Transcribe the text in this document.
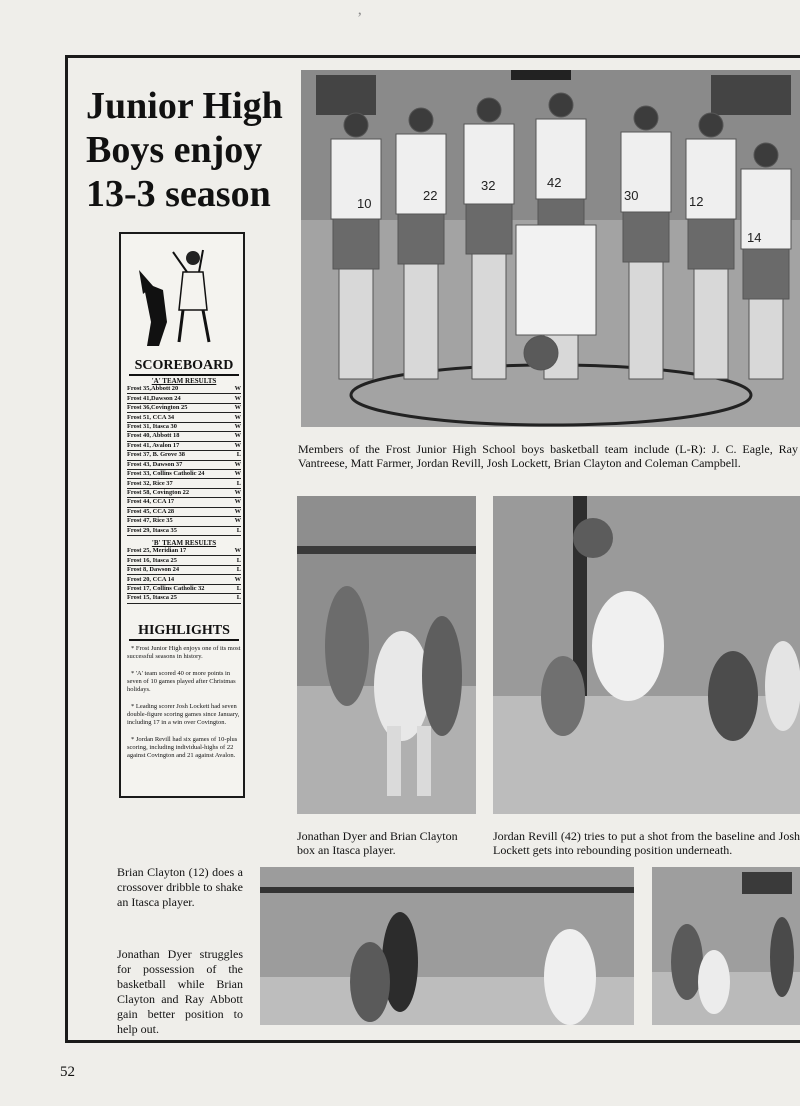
ʼ
Junior High
Boys enjoy
13-3 season	10
22
32	42
30	12
14

Members of the Frost Junior High School boys basketball team include (L-R): J. C. Eagle, Ray Vantreese, Matt Farmer, Jordan Revill, Josh Lockett, Brian Clayton and Coleman Campbell.

Jonathan Dyer and Brian Clayton box an Itasca player.

Jordan Revill (42) tries to put a shot from the baseline and Josh Lockett gets into rebounding position underneath.

Brian Clayton (12) does a crossover dribble to shake an Itasca player.

Jonathan Dyer struggles for possession of the basketball while Brian Clayton and Ray Abbott gain better position to help out.

SCOREBOARD

'A' TEAM RESULTS

Frost 35,Abbott 20	W
Frost 41,Dawson 24	W
Frost 36,Covington 25	W
Frost 51, CCA 34	W
Frost 31, Itasca 30	W
Frost 40, Abbott 18	W
Frost 41, Avalon 17	W
Frost 37, B. Grove 38	L
Frost 43, Dawson 37	W
Frost 33, Collins Catholic 24	W
Frost 32, Rice 37	L
Frost 58, Covington 22	W
Frost 44, CCA 17	W
Frost 45, CCA 28	W
Frost 47, Rice 35	W
Frost 29, Itasca 35	L

'B' TEAM RESULTS

Frost 25, Meridian 17	W
Frost 16, Itasca 25	L
Frost 8, Dawson 24	L
Frost 20, CCA 14	W
Frost 17, Collins Catholic 32	L
Frost 15, Itasca 25	L

HIGHLIGHTS

* Frost Junior High enjoys one of its most successful seasons in history.
* 'A' team scored 40 or more points in seven of 10 games played after Christmas holidays.
* Leading scorer Josh Lockett had seven double-figure scoring games since January, including 17 in a win over Covington.
* Jordan Revill had six games of 10-plus scoring, including individual-highs of 22 against Covington and 21 against Avalon.

52
